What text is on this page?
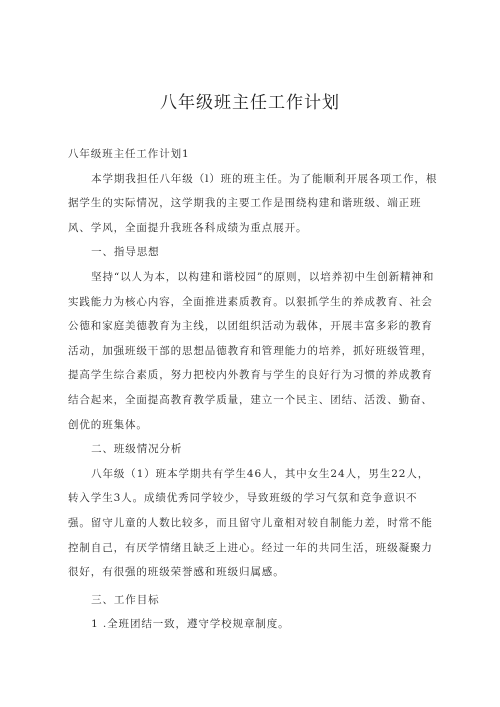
八年级班主任工作计划

八年级班主任工作计划1

本学期我担任八年级（l）班的班主任。为了能顺利开展各项工作，根据学生的实际情况，这学期我的主要工作是围绕构建和谐班级、端正班风、学风，全面提升我班各科成绩为重点展开。

一、指导思想

坚持“以人为本，以构建和谐校园”的原则，以培养初中生创新精神和实践能力为核心内容，全面推进素质教育。以狠抓学生的养成教育、社会公德和家庭美德教育为主线，以团组织活动为载体，开展丰富多彩的教育活动，加强班级干部的思想品德教育和管理能力的培养，抓好班级管理，提高学生综合素质，努力把校内外教育与学生的良好行为习惯的养成教育结合起来，全面提高教育教学质量，建立一个民主、团结、活泼、勤奋、创优的班集体。

二、班级情况分析

八年级（1）班本学期共有学生46人，其中女生24人，男生22人，转入学生3人。成绩优秀同学较少，导致班级的学习气氛和竞争意识不强。留守儿童的人数比较多，而且留守儿童相对较自制能力差，时常不能控制自己，有厌学情绪且缺乏上进心。经过一年的共同生活，班级凝聚力很好，有很强的班级荣誉感和班级归属感。

三、工作目标

1 .全班团结一致，遵守学校规章制度。
